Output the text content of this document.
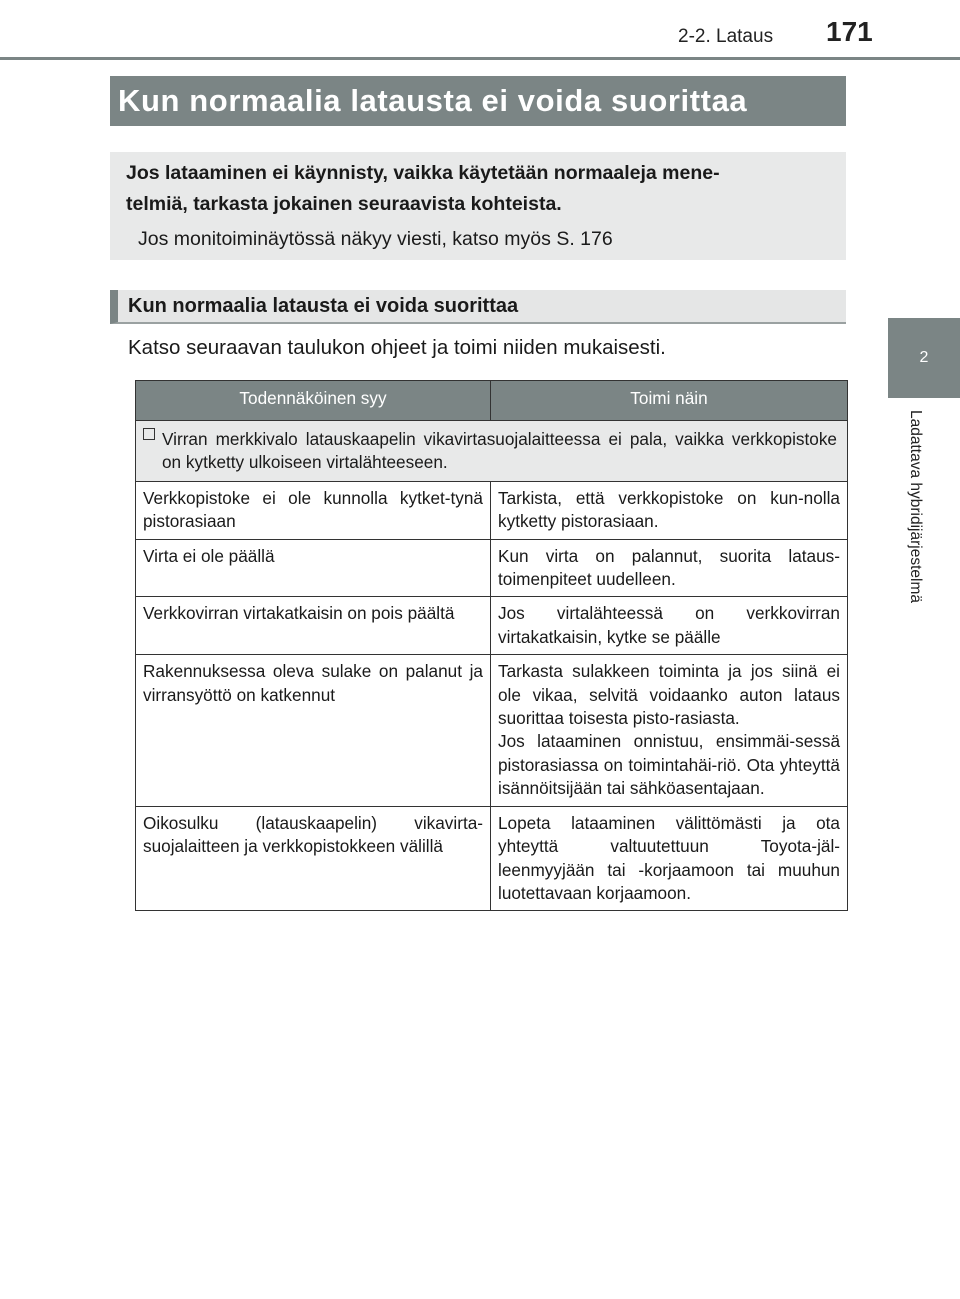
2-2. Lataus 171
2
Ladattava hybridijärjestelmä
Kun normaalia latausta ei voida suorittaa

Jos lataaminen ei käynnisty, vaikka käytetään normaaleja mene-
telmiä, tarkasta jokainen seuraavista kohteista.

Jos monitoiminäytössä näkyy viesti, katso myös S. 176

Kun normaalia latausta ei voida suorittaa
Katso seuraavan taulukon ohjeet ja toimi niiden mukaisesti.
Todennäköinen syy	Toimi näin

Virran merkkivalo latauskaapelin vikavirtasuojalaitteessa ei pala, vaikka verkkopistoke on kytketty ulkoiseen virtalähteeseen.	

Verkkopistoke ei ole kunnolla kytket-tynä pistorasiaan	Tarkista, että verkkopistoke on kun-nolla kytketty pistorasiaan.
Virta ei ole päällä	Kun virta on palannut, suorita lataus-toimenpiteet uudelleen.
Verkkovirran virtakatkaisin on pois päältä	Jos virtalähteessä on verkkovirran virtakatkaisin, kytke se päälle
Rakennuksessa oleva sulake on palanut ja virransyöttö on katkennut	Tarkasta sulakkeen toiminta ja jos siinä ei ole vikaa, selvitä voidaanko auton lataus suorittaa toisesta pisto-rasiasta.
Jos lataaminen onnistuu, ensimmäi-sessä pistorasiassa on toimintahäi-riö. Ota yhteyttä isännöitsijään tai sähköasentajaan.

Oikosulku (latauskaapelin) vikavirta-suojalaitteen ja verkkopistokkeen välillä	Lopeta lataaminen välittömästi ja ota yhteyttä valtuutettuun Toyota-jäl-leenmyyjään tai -korjaamoon tai muuhun luotettavaan korjaamoon.
